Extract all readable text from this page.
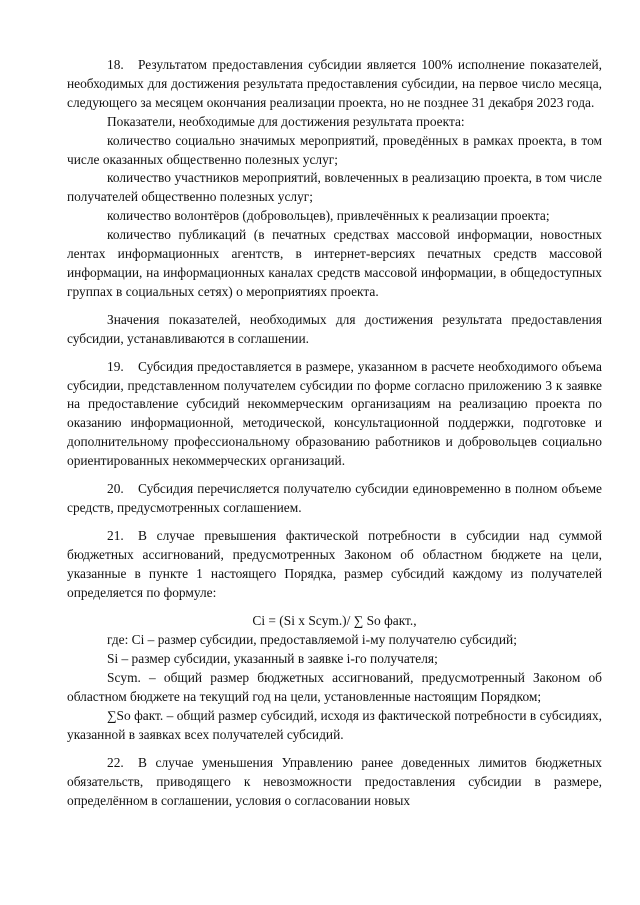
18. Результатом предоставления субсидии является 100% исполнение показателей, необходимых для достижения результата предоставления субсидии, на первое число месяца, следующего за месяцем окончания реализации проекта, но не позднее 31 декабря 2023 года.

Показатели, необходимые для достижения результата проекта:

количество социально значимых мероприятий, проведённых в рамках проекта, в том числе оказанных общественно полезных услуг;

количество участников мероприятий, вовлеченных в реализацию проекта, в том числе получателей общественно полезных услуг;

количество волонтёров (добровольцев), привлечённых к реализации проекта;

количество публикаций (в печатных средствах массовой информации, новостных лентах информационных агентств, в интернет-версиях печатных средств массовой информации, на информационных каналах средств массовой информации, в общедоступных группах в социальных сетях) о мероприятиях проекта.

Значения показателей, необходимых для достижения результата предоставления субсидии, устанавливаются в соглашении.

19. Субсидия предоставляется в размере, указанном в расчете необходимого объема субсидии, представленном получателем субсидии по форме согласно приложению 3 к заявке на предоставление субсидий некоммерческим организациям на реализацию проекта по оказанию информационной, методической, консультационной поддержки, подготовке и дополнительному профессиональному образованию работников и добровольцев социально ориентированных некоммерческих организаций.

20. Субсидия перечисляется получателю субсидии единовременно в полном объеме средств, предусмотренных соглашением.

21. В случае превышения фактической потребности в субсидии над суммой бюджетных ассигнований, предусмотренных Законом об областном бюджете на цели, указанные в пункте 1 настоящего Порядка, размер субсидий каждому из получателей определяется по формуле:

Ci = (Si x Scym.)/ ∑ So факт.,

где: Ci – размер субсидии, предоставляемой i-му получателю субсидий;

Si – размер субсидии, указанный в заявке i-го получателя;

Scym. – общий размер бюджетных ассигнований, предусмотренный Законом об областном бюджете на текущий год на цели, установленные настоящим Порядком;

∑So факт. – общий размер субсидий, исходя из фактической потребности в субсидиях, указанной в заявках всех получателей субсидий.

22. В случае уменьшения Управлению ранее доведенных лимитов бюджетных обязательств, приводящего к невозможности предоставления субсидии в размере, определённом в соглашении, условия о согласовании новых
